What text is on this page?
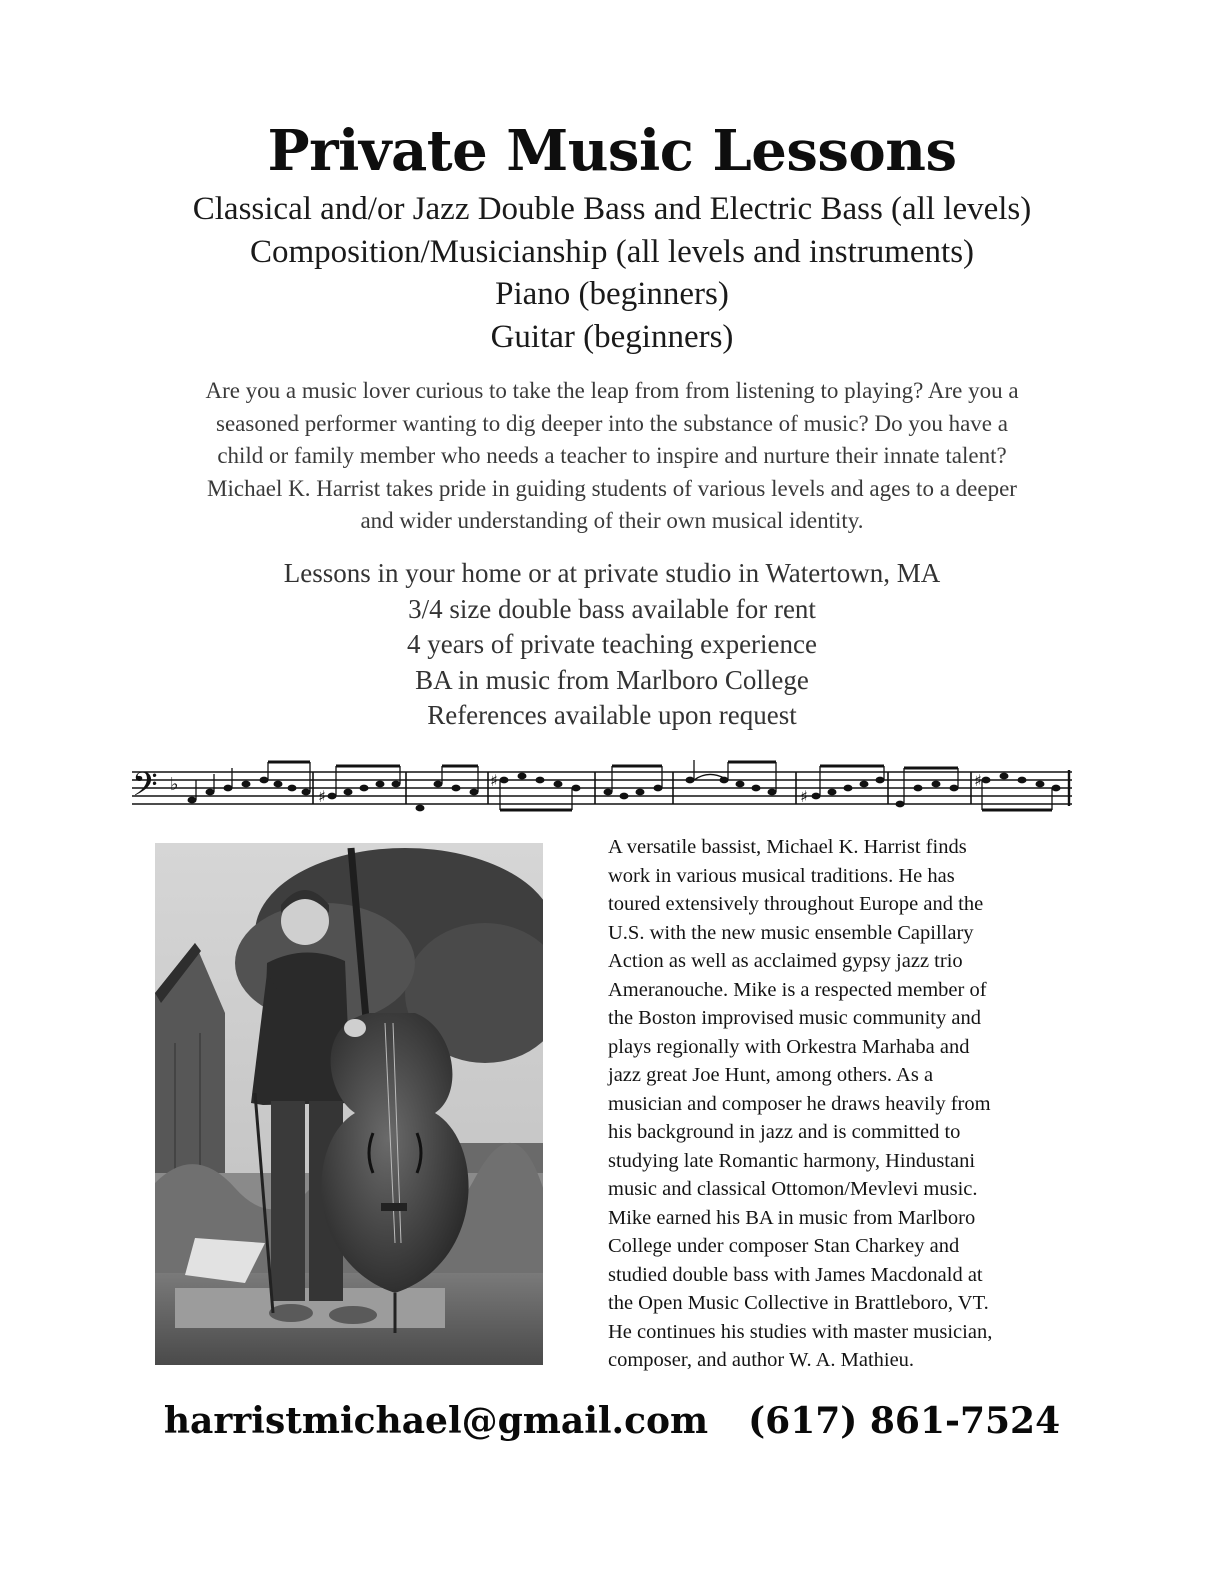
Private Music Lessons
Classical and/or Jazz Double Bass and Electric Bass (all levels)
Composition/Musicianship (all levels and instruments)
Piano (beginners)
Guitar (beginners)
Are you a music lover curious to take the leap from from listening to playing? Are you a
seasoned performer wanting to dig deeper into the substance of music? Do you have a
child or family member who needs a teacher to inspire and nurture their innate talent?
Michael K. Harrist takes pride in guiding students of various levels and ages to a deeper
and wider understanding of their own musical identity.
Lessons in your home or at private studio in Watertown, MA
3/4 size double bass available for rent
4 years of private teaching experience
BA in music from Marlboro College
References available upon request
𝄢 ♭
♯
♯
♯
♯
A versatile bassist, Michael K. Harrist finds
work in various musical traditions. He has
toured extensively throughout Europe and the
U.S. with the new music ensemble Capillary
Action as well as acclaimed gypsy jazz trio
Ameranouche. Mike is a respected member of
the Boston improvised music community and
plays regionally with Orkestra Marhaba and
jazz great Joe Hunt, among others. As a
musician and composer he draws heavily from
his background in jazz and is committed to
studying late Romantic harmony, Hindustani
music and classical Ottomon/Mevlevi music.
Mike earned his BA in music from Marlboro
College under composer Stan Charkey and
studied double bass with James Macdonald at
the Open Music Collective in Brattleboro, VT.
He continues his studies with master musician,
composer, and author W. A. Mathieu.
harristmichael@gmail.com (617) 861-7524
